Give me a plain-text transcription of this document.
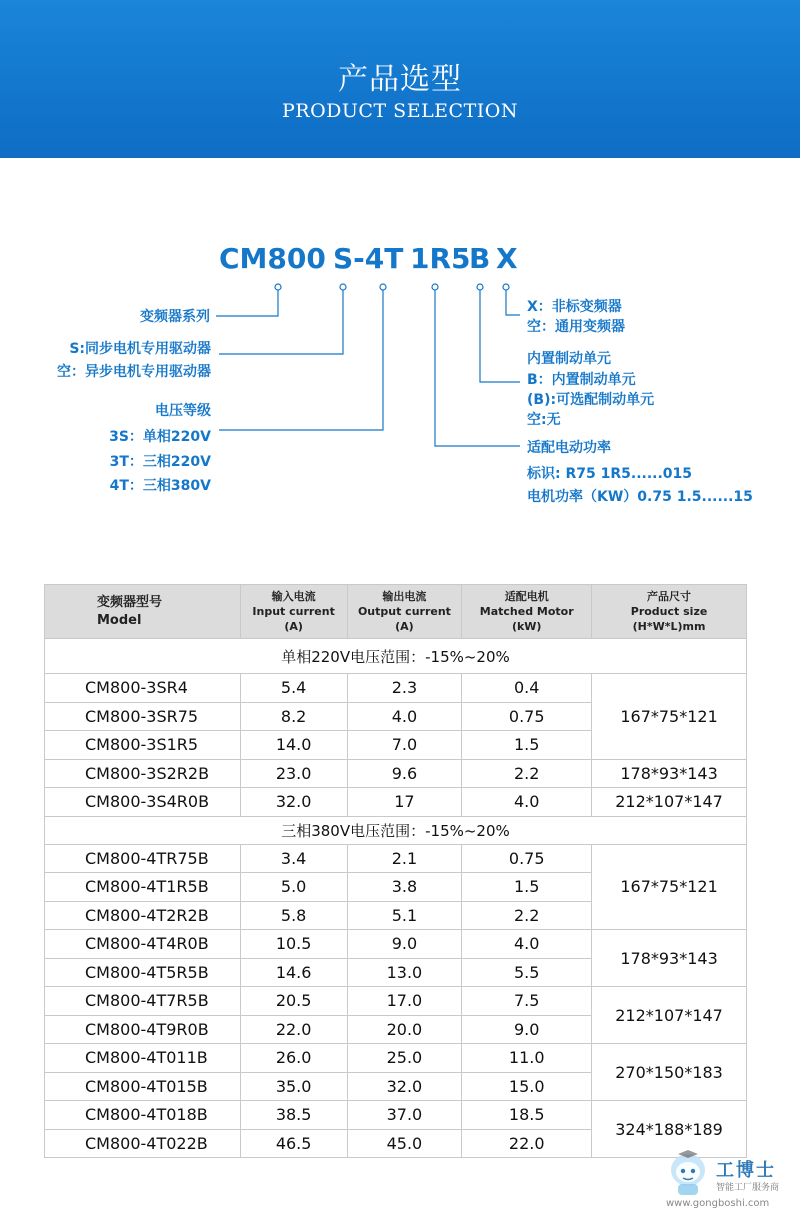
产品选型
PRODUCT SELECTION
CM800 S-4T 1R5
B X
变频器系列
S:同步电机专用驱动器
空：异步电机专用驱动器
电压等级
3S：单相220V
3T：三相220V
4T：三相380V
X：非标变频器
空：通用变频器
内置制动单元
B：内置制动单元
(B):可选配制动单元
空:无
适配电动功率
标识: R75 1R5......015
电机功率（KW）0.75 1.5......15
变频器型号
Model	输入电流
Input current
(A)	输出电流
Output current
(A)	适配电机
Matched Motor
(kW)	产品尺寸
Product size
(H*W*L)mm
单相220V电压范围：-15%~20%				
CM800-3SR4	5.4	2.3	0.4	167*75*121
CM800-3SR75	8.2	4.0	0.75	
CM800-3S1R5	14.0	7.0	1.5	
CM800-3S2R2B	23.0	9.6	2.2	178*93*143
CM800-3S4R0B	32.0	17	4.0	212*107*147
三相380V电压范围：-15%~20%				
CM800-4TR75B	3.4	2.1	0.75	167*75*121
CM800-4T1R5B	5.0	3.8	1.5	
CM800-4T2R2B	5.8	5.1	2.2	
CM800-4T4R0B	10.5	9.0	4.0	178*93*143
CM800-4T5R5B	14.6	13.0	5.5	
CM800-4T7R5B	20.5	17.0	7.5	212*107*147
CM800-4T9R0B	22.0	20.0	9.0	
CM800-4T011B	26.0	25.0	11.0	270*150*183
CM800-4T015B	35.0	32.0	15.0	
CM800-4T018B	38.5	37.0	18.5	324*188*189
CM800-4T022B	46.5	45.0	22.0	
工博士
智能工厂服务商
www.gongboshi.com
